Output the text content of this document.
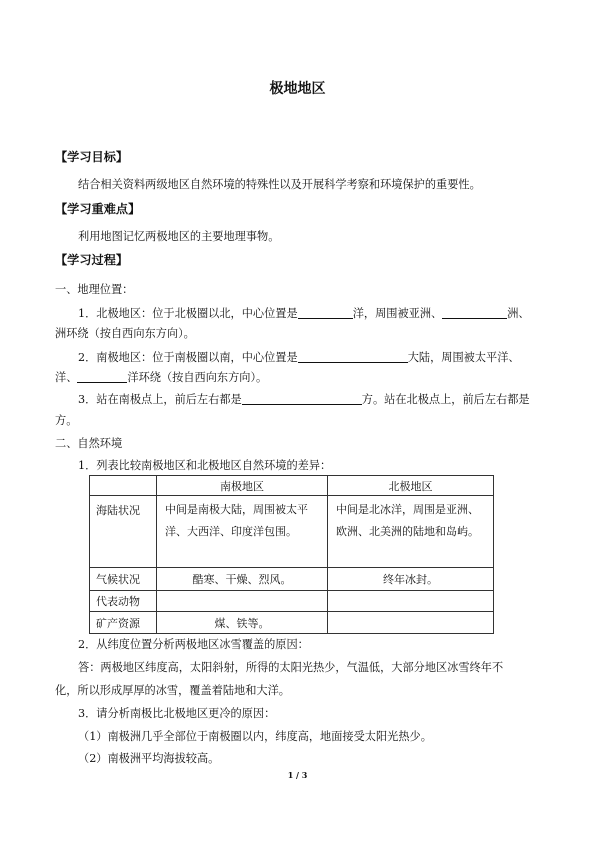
极地地区
【学习目标】
结合相关资料两级地区自然环境的特殊性以及开展科学考察和环境保护的重要性。
【学习重难点】
利用地图记忆两极地区的主要地理事物。
【学习过程】
一、地理位置：
1．北极地区：位于北极圈以北，中心位置是	洋，周围被亚洲、	洲、
洲环绕（按自西向东方向）。
2．南极地区：位于南极圈以南，中心位置是	大陆，周围被太平洋、
洋、	洋环绕（按自西向东方向）。
3．站在南极点上，前后左右都是	方。站在北极点上，前后左右都是
方。
二、自然环境
1．列表比较南极地区和北极地区自然环境的差异：
	南极地区	北极地区
海陆状况	中间是南极大陆，周围被太平洋、大西洋、印度洋包围。	中间是北冰洋，周围是亚洲、欧洲、北美洲的陆地和岛屿。
气候状况	酷寒、干燥、烈风。	终年冰封。
代表动物		
矿产资源	煤、铁等。	
2．从纬度位置分析两极地区冰雪覆盖的原因：
答：两极地区纬度高，太阳斜射，所得的太阳光热少，气温低，大部分地区冰雪终年不
化，所以形成厚厚的冰雪，覆盖着陆地和大洋。
3．请分析南极比北极地区更冷的原因：
（1）南极洲几乎全部位于南极圈以内，纬度高，地面接受太阳光热少。
（2）南极洲平均海拔较高。
1 / 3
